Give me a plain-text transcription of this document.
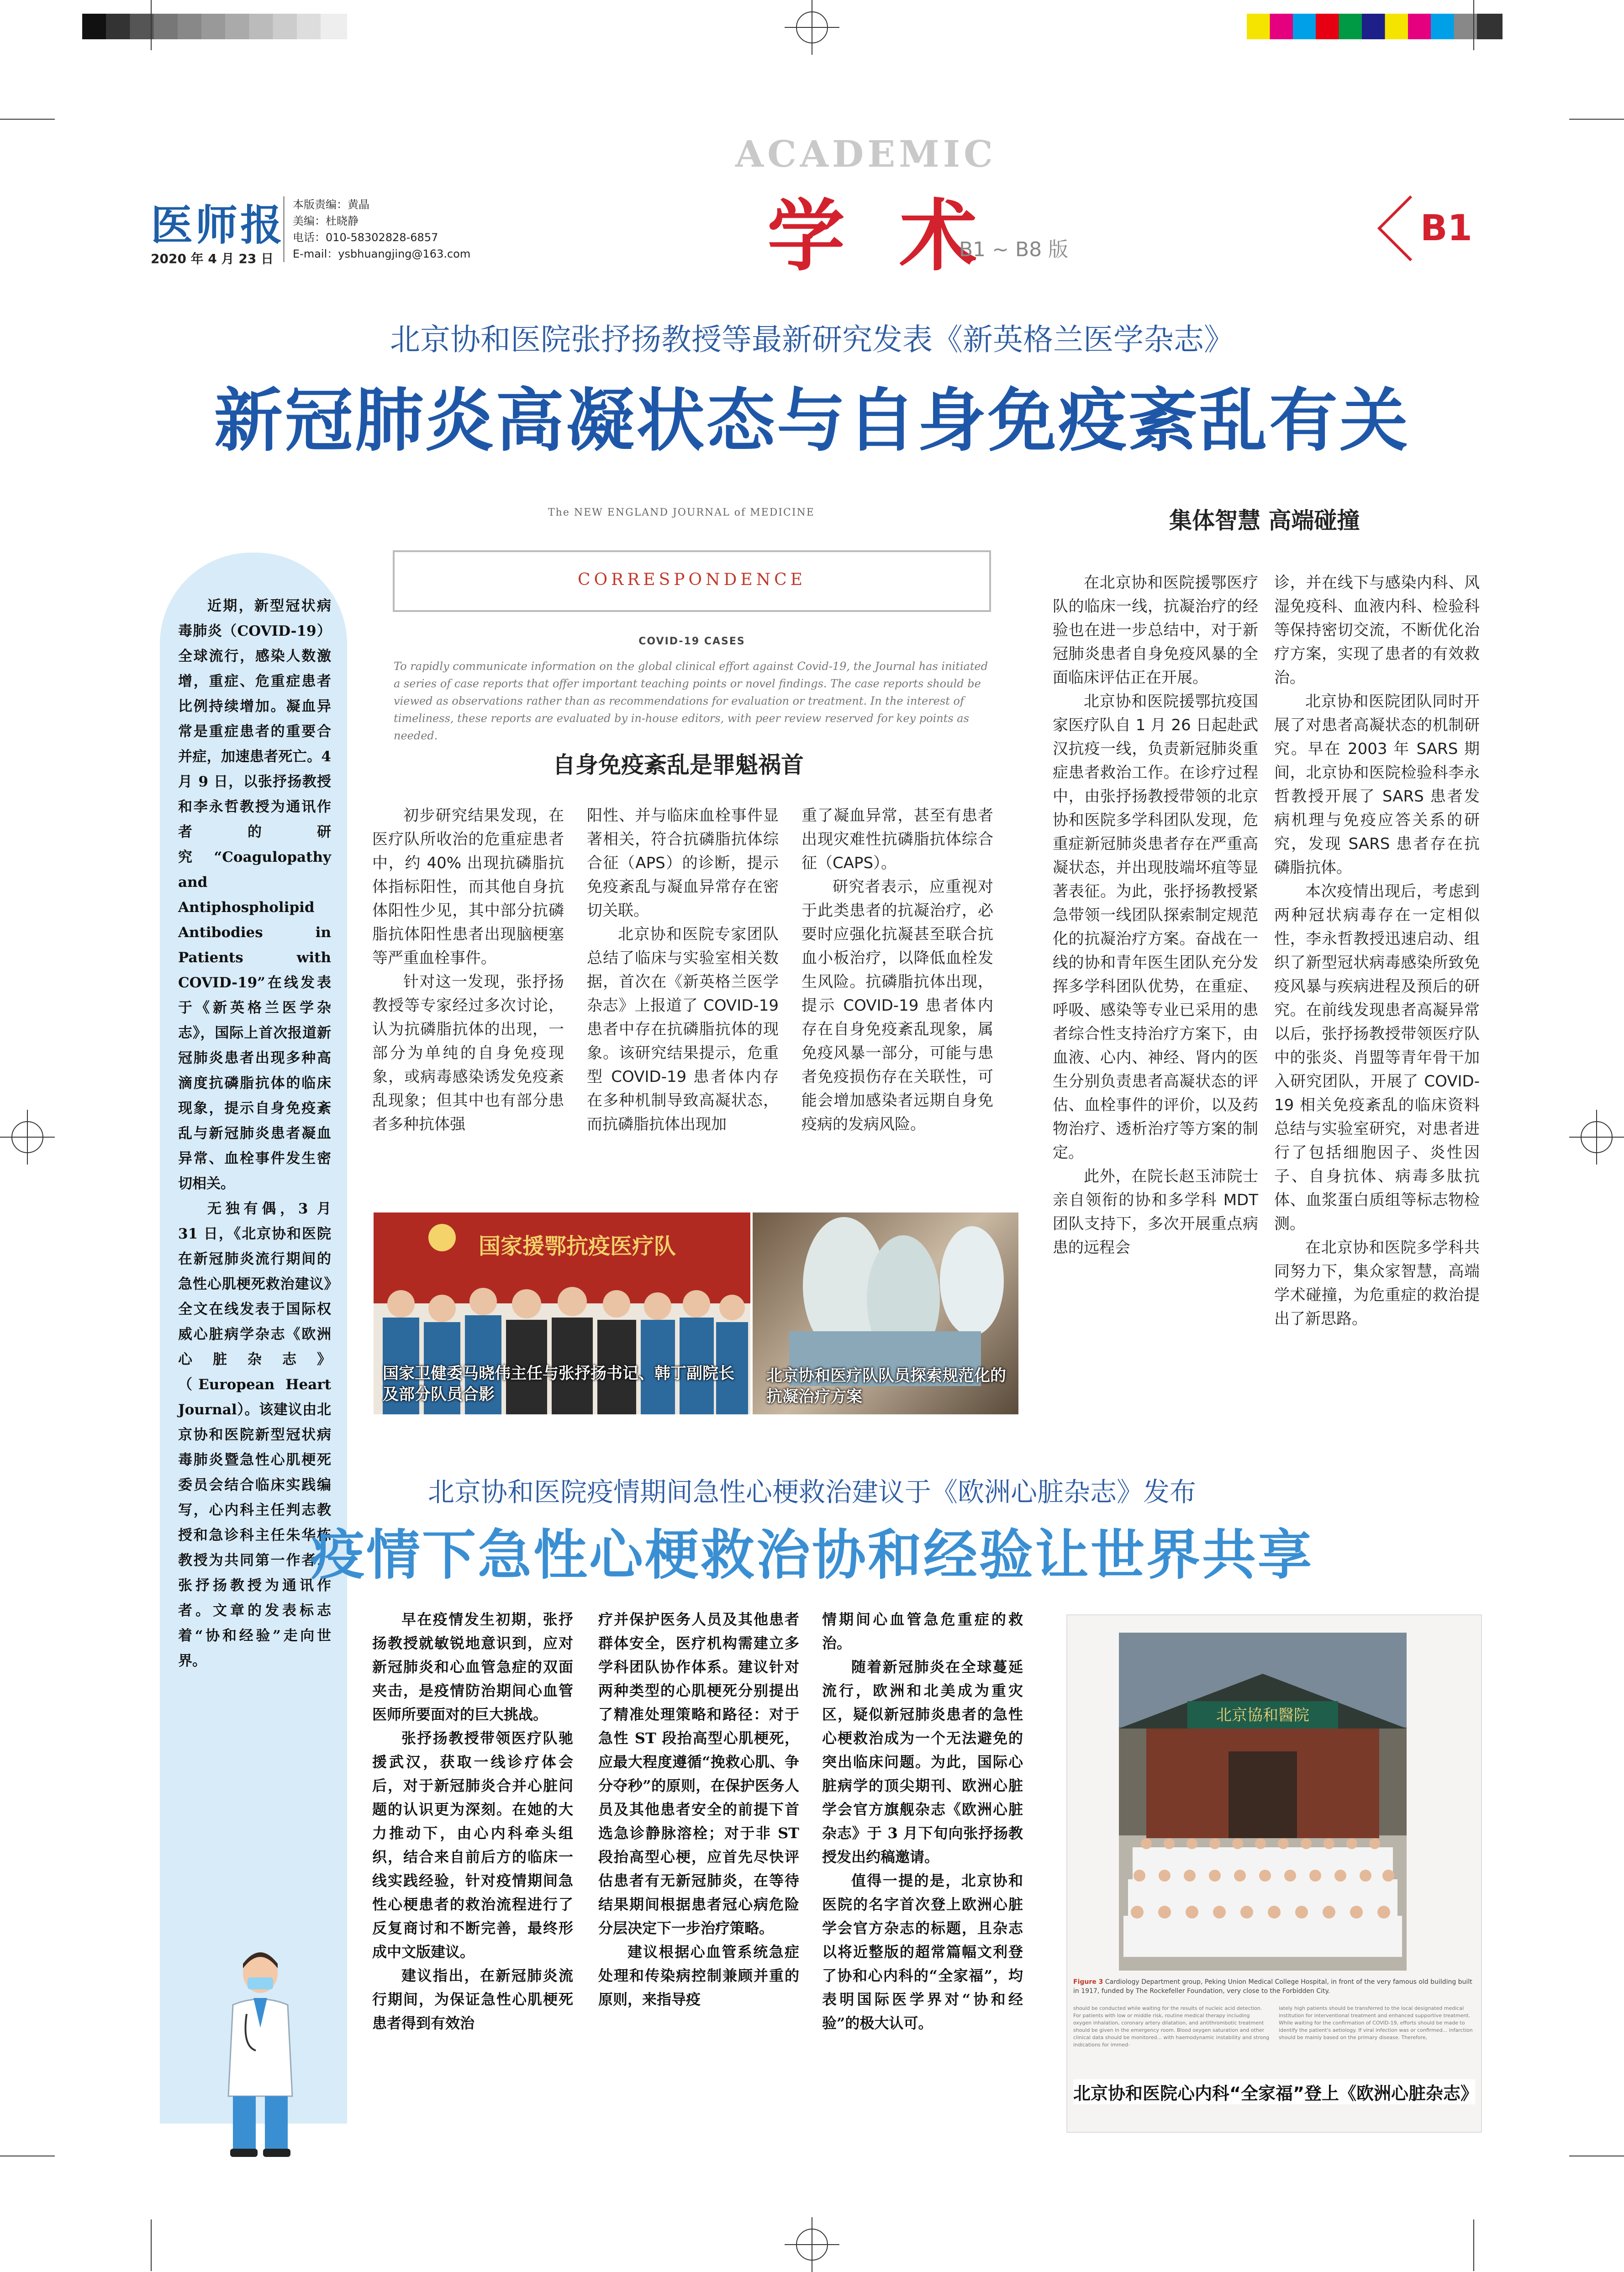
医师报
2020 年 4 月 23 日
本版责编：黄晶
美编：杜晓静
电话：010-58302828-6857
E-mail：ysbhuangjing@163.com
ACADEMIC
学 术
B1 ~ B8 版
B1
北京协和医院张抒扬教授等最新研究发表《新英格兰医学杂志》
新冠肺炎高凝状态与自身免疫紊乱有关

近期，新型冠状病毒肺炎（COVID-19）全球流行，感染人数激增，重症、危重症患者比例持续增加。凝血异常是重症患者的重要合并症，加速患者死亡。4 月 9 日，以张抒扬教授和李永哲教授为通讯作者的研究“Coagulopathy and Antiphospholipid Antibodies in Patients with COVID-19”在线发表于《新英格兰医学杂志》，国际上首次报道新冠肺炎患者出现多种高滴度抗磷脂抗体的临床现象，提示自身免疫紊乱与新冠肺炎患者凝血异常、血栓事件发生密切相关。

无独有偶，3 月 31 日，《北京协和医院在新冠肺炎流行期间的急性心肌梗死救治建议》全文在线发表于国际权威心脏病学杂志《欧洲心脏杂志》（European Heart Journal）。该建议由北京协和医院新型冠状病毒肺炎暨急性心肌梗死委员会结合临床实践编写，心内科主任判志教授和急诊科主任朱华栋教授为共同第一作者，张抒扬教授为通讯作者。文章的发表标志着“协和经验”走向世界。

The NEW ENGLAND JOURNAL of MEDICINE
CORRESPONDENCE
COVID-19 CASES
To rapidly communicate information on the global clinical effort against Covid-19, the Journal has initiated a series of case reports that offer important teaching points or novel findings. The case reports should be viewed as observations rather than as recommendations for evaluation or treatment. In the interest of timeliness, these reports are evaluated by in-house editors, with peer review reserved for key points as needed.
自身免疫紊乱是罪魁祸首
集体智慧 高端碰撞

初步研究结果发现，在医疗队所收治的危重症患者中，约 40% 出现抗磷脂抗体指标阳性，而其他自身抗体阳性少见，其中部分抗磷脂抗体阳性患者出现脑梗塞等严重血栓事件。

针对这一发现，张抒扬教授等专家经过多次讨论，认为抗磷脂抗体的出现，一部分为单纯的自身免疫现象，或病毒感染诱发免疫紊乱现象；但其中也有部分患者多种抗体强

阳性、并与临床血栓事件显著相关，符合抗磷脂抗体综合征（APS）的诊断，提示免疫紊乱与凝血异常存在密切关联。

北京协和医院专家团队总结了临床与实验室相关数据，首次在《新英格兰医学杂志》上报道了 COVID-19 患者中存在抗磷脂抗体的现象。该研究结果提示，危重型 COVID-19 患者体内存在多种机制导致高凝状态，而抗磷脂抗体出现加

重了凝血异常，甚至有患者出现灾难性抗磷脂抗体综合征（CAPS）。

研究者表示，应重视对于此类患者的抗凝治疗，必要时应强化抗凝甚至联合抗血小板治疗，以降低血栓发生风险。抗磷脂抗体出现，提示 COVID-19 患者体内存在自身免疫紊乱现象，属免疫风暴一部分，可能与患者免疫损伤存在关联性，可能会增加感染者远期自身免疫病的发病风险。

在北京协和医院援鄂医疗队的临床一线，抗凝治疗的经验也在进一步总结中，对于新冠肺炎患者自身免疫风暴的全面临床评估正在开展。

北京协和医院援鄂抗疫国家医疗队自 1 月 26 日起赴武汉抗疫一线，负责新冠肺炎重症患者救治工作。在诊疗过程中，由张抒扬教授带领的北京协和医院多学科团队发现，危重症新冠肺炎患者存在严重高凝状态，并出现肢端坏疽等显著表征。为此，张抒扬教授紧急带领一线团队探索制定规范化的抗凝治疗方案。奋战在一线的协和青年医生团队充分发挥多学科团队优势，在重症、呼吸、感染等专业已采用的患者综合性支持治疗方案下，由血液、心内、神经、肾内的医生分别负责患者高凝状态的评估、血栓事件的评价，以及药物治疗、透析治疗等方案的制定。

此外，在院长赵玉沛院士亲自领衔的协和多学科 MDT 团队支持下，多次开展重点病患的远程会

诊，并在线下与感染内科、风湿免疫科、血液内科、检验科等保持密切交流，不断优化治疗方案，实现了患者的有效救治。

北京协和医院团队同时开展了对患者高凝状态的机制研究。早在 2003 年 SARS 期间，北京协和医院检验科李永哲教授开展了 SARS 患者发病机理与免疫应答关系的研究，发现 SARS 患者存在抗磷脂抗体。

本次疫情出现后，考虑到两种冠状病毒存在一定相似性，李永哲教授迅速启动、组织了新型冠状病毒感染所致免疫风暴与疾病进程及预后的研究。在前线发现患者高凝异常以后，张抒扬教授带领医疗队中的张炎、肖盟等青年骨干加入研究团队，开展了 COVID-19 相关免疫紊乱的临床资料总结与实验室研究，对患者进行了包括细胞因子、炎性因子、自身抗体、病毒多肽抗体、血浆蛋白质组等标志物检测。

在北京协和医院多学科共同努力下，集众家智慧，高端学术碰撞，为危重症的救治提出了新思路。

国家援鄂抗疫医疗队
国家卫健委马晓伟主任与张抒扬书记、韩丁副院长及部分队员合影
北京协和医疗队队员探索规范化的抗凝治疗方案
北京协和医院疫情期间急性心梗救治建议于《欧洲心脏杂志》发布
疫情下急性心梗救治协和经验让世界共享

早在疫情发生初期，张抒扬教授就敏锐地意识到，应对新冠肺炎和心血管急症的双面夹击，是疫情防治期间心血管医师所要面对的巨大挑战。

张抒扬教授带领医疗队驰援武汉，获取一线诊疗体会后，对于新冠肺炎合并心脏问题的认识更为深刻。在她的大力推动下，由心内科牵头组织，结合来自前后方的临床一线实践经验，针对疫情期间急性心梗患者的救治流程进行了反复商讨和不断完善，最终形成中文版建议。

建议指出，在新冠肺炎流行期间，为保证急性心肌梗死患者得到有效治

疗并保护医务人员及其他患者群体安全，医疗机构需建立多学科团队协作体系。建议针对两种类型的心肌梗死分别提出了精准处理策略和路径：对于急性 ST 段抬高型心肌梗死，应最大程度遵循“挽救心肌、争分夺秒”的原则，在保护医务人员及其他患者安全的前提下首选急诊静脉溶栓；对于非 ST 段抬高型心梗，应首先尽快评估患者有无新冠肺炎，在等待结果期间根据患者冠心病危险分层决定下一步治疗策略。

建议根据心血管系统急症处理和传染病控制兼顾并重的原则，来指导疫

情期间心血管急危重症的救治。

随着新冠肺炎在全球蔓延流行，欧洲和北美成为重灾区，疑似新冠肺炎患者的急性心梗救治成为一个无法避免的突出临床问题。为此，国际心脏病学的顶尖期刊、欧洲心脏学会官方旗舰杂志《欧洲心脏杂志》于 3 月下旬向张抒扬教授发出约稿邀请。

值得一提的是，北京协和医院的名字首次登上欧洲心脏学会官方杂志的标题，且杂志以将近整版的超常篇幅文利登了协和心内科的“全家福”，均表明国际医学界对“协和经验”的极大认可。

北京協和醫院
Figure 3 Cardiology Department group, Peking Union Medical College Hospital, in front of the very famous old building built in 1917, funded by The Rockefeller Foundation, very close to the Forbidden City.
should be conducted while waiting for the results of nucleic acid detection. For patients with low or middle risk, routine medical therapy including oxygen inhalation, coronary artery dilatation, and antithrombotic treatment should be given in the emergency room. Blood oxygen saturation and other clinical data should be monitored... with haemodynamic instability and strong indications for immed-
iately high patients should be transferred to the local designated medical institution for interventional treatment and enhanced supportive treatment. While waiting for the confirmation of COVID-19, efforts should be made to identify the patient's aetiology. If viral infection was or confirmed... infarction should be mainly based on the primary disease. Therefore,
北京协和医院心内科“全家福”登上《欧洲心脏杂志》
